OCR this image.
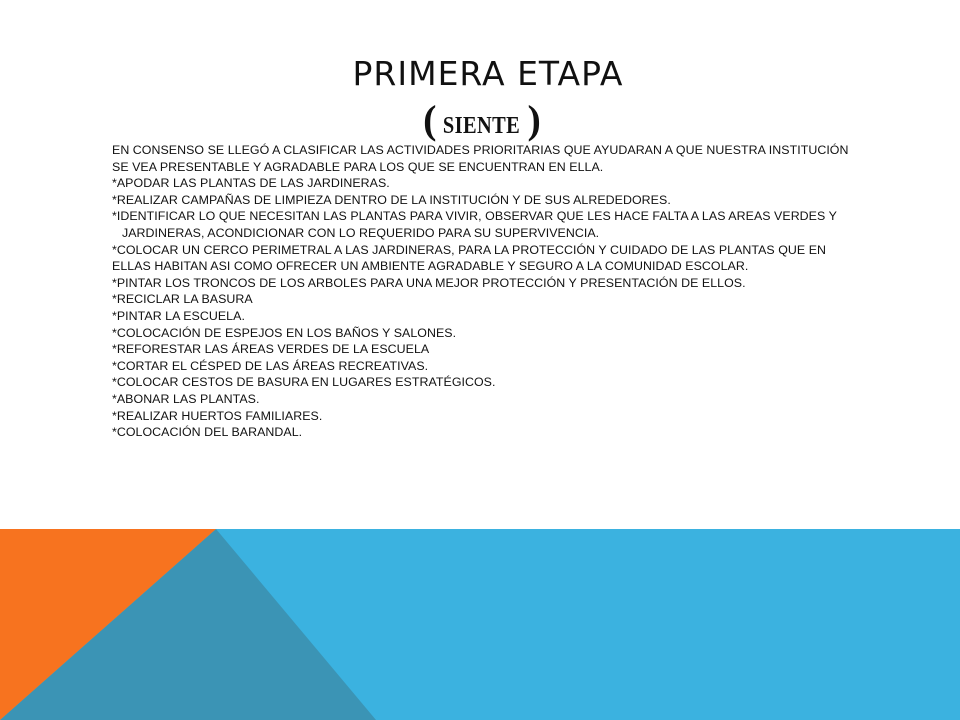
PRIMERA ETAPA
( SIENTE )
EN CONSENSO SE LLEGÓ A CLASIFICAR LAS ACTIVIDADES PRIORITARIAS QUE AYUDARAN A QUE NUESTRA INSTITUCIÓN
SE VEA PRESENTABLE Y AGRADABLE PARA LOS QUE SE ENCUENTRAN EN ELLA.
*APODAR LAS PLANTAS DE LAS JARDINERAS.
*REALIZAR CAMPAÑAS DE LIMPIEZA DENTRO DE LA INSTITUCIÓN Y DE SUS ALREDEDORES.
*IDENTIFICAR LO QUE NECESITAN LAS PLANTAS PARA VIVIR, OBSERVAR QUE LES HACE FALTA A LAS AREAS VERDES Y
JARDINERAS, ACONDICIONAR CON LO REQUERIDO PARA SU SUPERVIVENCIA.
*COLOCAR UN CERCO PERIMETRAL A LAS JARDINERAS, PARA LA PROTECCIÓN Y CUIDADO DE LAS PLANTAS QUE EN
ELLAS HABITAN ASI COMO OFRECER UN AMBIENTE AGRADABLE Y SEGURO A LA COMUNIDAD ESCOLAR.
*PINTAR LOS TRONCOS DE LOS ARBOLES PARA UNA MEJOR PROTECCIÓN Y PRESENTACIÓN DE ELLOS.
*RECICLAR LA BASURA
*PINTAR LA ESCUELA.
*COLOCACIÓN DE ESPEJOS EN LOS BAÑOS Y SALONES.
*REFORESTAR LAS ÁREAS VERDES DE LA ESCUELA
*CORTAR EL CÉSPED DE LAS ÁREAS RECREATIVAS.
*COLOCAR CESTOS DE BASURA EN LUGARES ESTRATÉGICOS.
*ABONAR LAS PLANTAS.
*REALIZAR HUERTOS FAMILIARES.
*COLOCACIÓN DEL BARANDAL.
